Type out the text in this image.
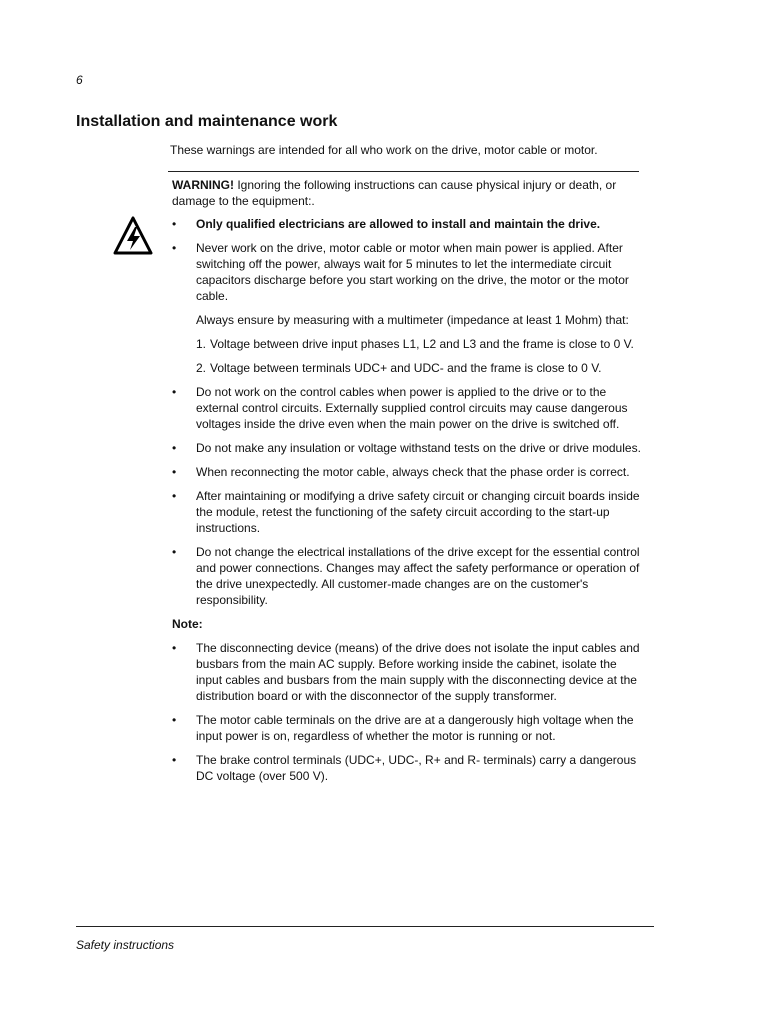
6
Installation and maintenance work
These warnings are intended for all who work on the drive, motor cable or motor.

WARNING! Ignoring the following instructions can cause physical injury or death, or damage to the equipment:.

•	Only qualified electricians are allowed to install and maintain the drive.
•	Never work on the drive, motor cable or motor when main power is applied. After switching off the power, always wait for 5 minutes to let the intermediate circuit capacitors discharge before you start working on the drive, the motor or the motor cable.
Always ensure by measuring with a multimeter (impedance at least 1 Mohm) that:
1. Voltage between drive input phases L1, L2 and L3 and the frame is close to 0 V.
2. Voltage between terminals UDC+ and UDC- and the frame is close to 0 V.
•	Do not work on the control cables when power is applied to the drive or to the external control circuits. Externally supplied control circuits may cause dangerous voltages inside the drive even when the main power on the drive is switched off.
•	Do not make any insulation or voltage withstand tests on the drive or drive modules.
•	When reconnecting the motor cable, always check that the phase order is correct.
•	After maintaining or modifying a drive safety circuit or changing circuit boards inside the module, retest the functioning of the safety circuit according to the start-up instructions.
•	Do not change the electrical installations of the drive except for the essential control and power connections. Changes may affect the safety performance or operation of the drive unexpectedly. All customer-made changes are on the customer's responsibility.
Note:
•	The disconnecting device (means) of the drive does not isolate the input cables and busbars from the main AC supply. Before working inside the cabinet, isolate the input cables and busbars from the main supply with the disconnecting device at the distribution board or with the disconnector of the supply transformer.
•	The motor cable terminals on the drive are at a dangerously high voltage when the input power is on, regardless of whether the motor is running or not.
•	The brake control terminals (UDC+, UDC-, R+ and R- terminals) carry a dangerous DC voltage (over 500 V).
Safety instructions
